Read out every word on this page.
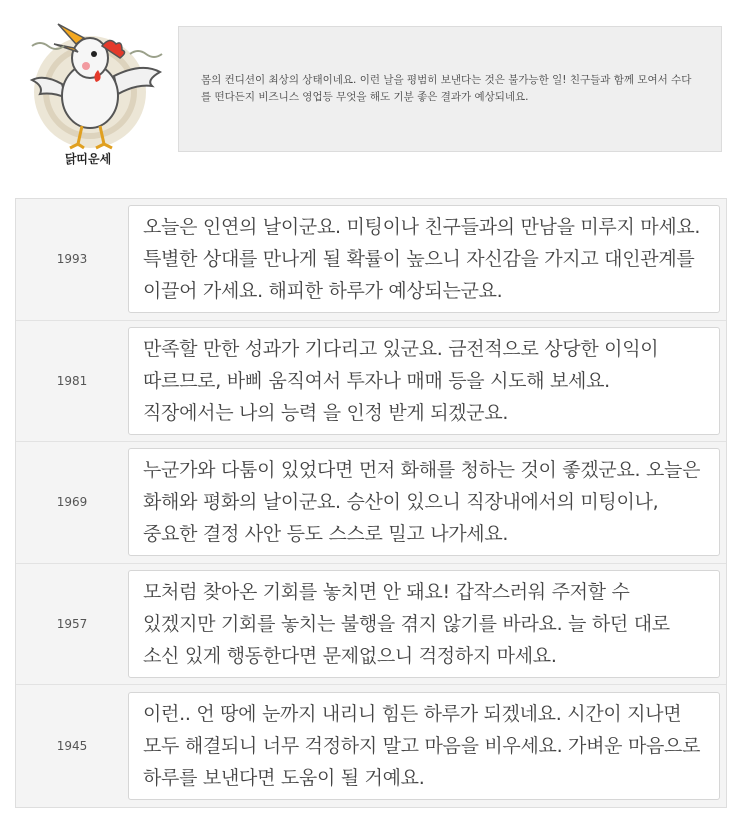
닭띠운세
몸의 컨디션이 최상의 상태이네요. 이런 날을 평범히 보낸다는 것은 불가능한 일! 친구들과 함께 모여서 수다를 떤다든지 비즈니스 영업등 무엇을 해도 기분 좋은 결과가 예상되네요.
1993
오늘은 인연의 날이군요. 미팅이나 친구들과의 만남을 미루지 마세요. 특별한 상대를 만나게 될 확률이 높으니 자신감을 가지고 대인관계를 이끌어 가세요. 해피한 하루가 예상되는군요.
1981
만족할 만한 성과가 기다리고 있군요. 금전적으로 상당한 이익이 따르므로, 바삐 움직여서 투자나 매매 등을 시도해 보세요. 직장에서는 나의 능력 을 인정 받게 되겠군요.
1969
누군가와 다툼이 있었다면 먼저 화해를 청하는 것이 좋겠군요. 오늘은 화해와 평화의 날이군요. 승산이 있으니 직장내에서의 미팅이나, 중요한 결정 사안 등도 스스로 밀고 나가세요.
1957
모처럼 찾아온 기회를 놓치면 안 돼요! 갑작스러워 주저할 수 있겠지만 기회를 놓치는 불행을 겪지 않기를 바라요. 늘 하던 대로 소신 있게 행동한다면 문제없으니 걱정하지 마세요.
1945
이런.. 언 땅에 눈까지 내리니 힘든 하루가 되겠네요. 시간이 지나면 모두 해결되니 너무 걱정하지 말고 마음을 비우세요. 가벼운 마음으로 하루를 보낸다면 도움이 될 거예요.
